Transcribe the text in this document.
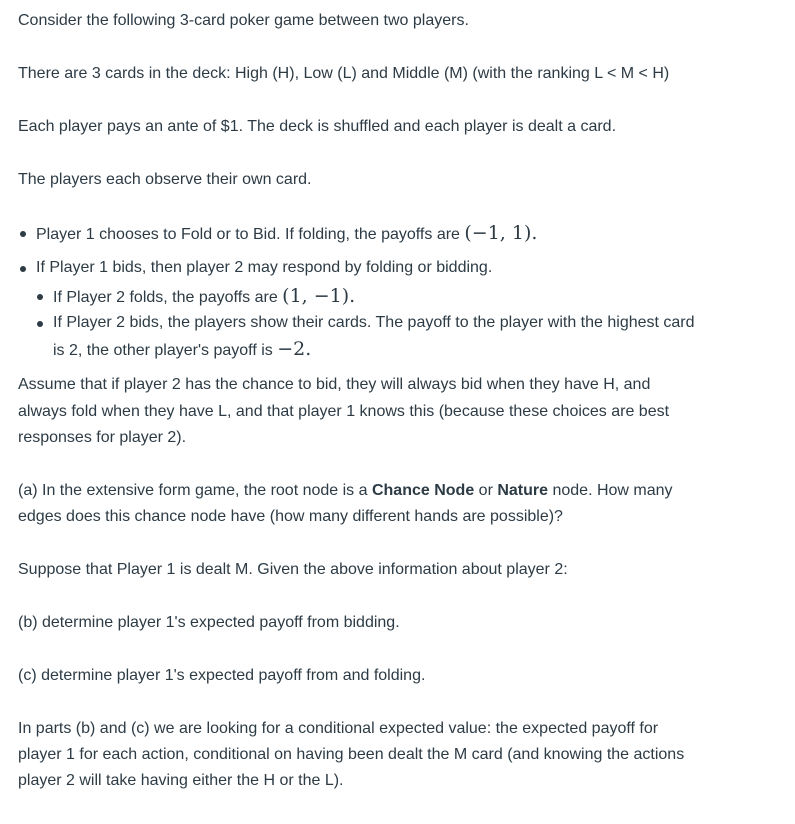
Consider the following 3-card poker game between two players.
There are 3 cards in the deck: High (H), Low (L) and Middle (M) (with the ranking L < M < H)
Each player pays an ante of $1. The deck is shuffled and each player is dealt a card.
The players each observe their own card.
Player 1 chooses to Fold or to Bid. If folding, the payoffs are (−1, 1).
If Player 1 bids, then player 2 may respond by folding or bidding.
If Player 2 folds, the payoffs are (1, −1).
If Player 2 bids, the players show their cards. The payoff to the player with the highest card
is 2, the other player's payoff is −2.
Assume that if player 2 has the chance to bid, they will always bid when they have H, and
always fold when they have L, and that player 1 knows this (because these choices are best
responses for player 2).
(a) In the extensive form game, the root node is a Chance Node or Nature node. How many
edges does this chance node have (how many different hands are possible)?
Suppose that Player 1 is dealt M. Given the above information about player 2:
(b) determine player 1's expected payoff from bidding.
(c) determine player 1's expected payoff from and folding.
In parts (b) and (c) we are looking for a conditional expected value: the expected payoff for
player 1 for each action, conditional on having been dealt the M card (and knowing the actions
player 2 will take having either the H or the L).
